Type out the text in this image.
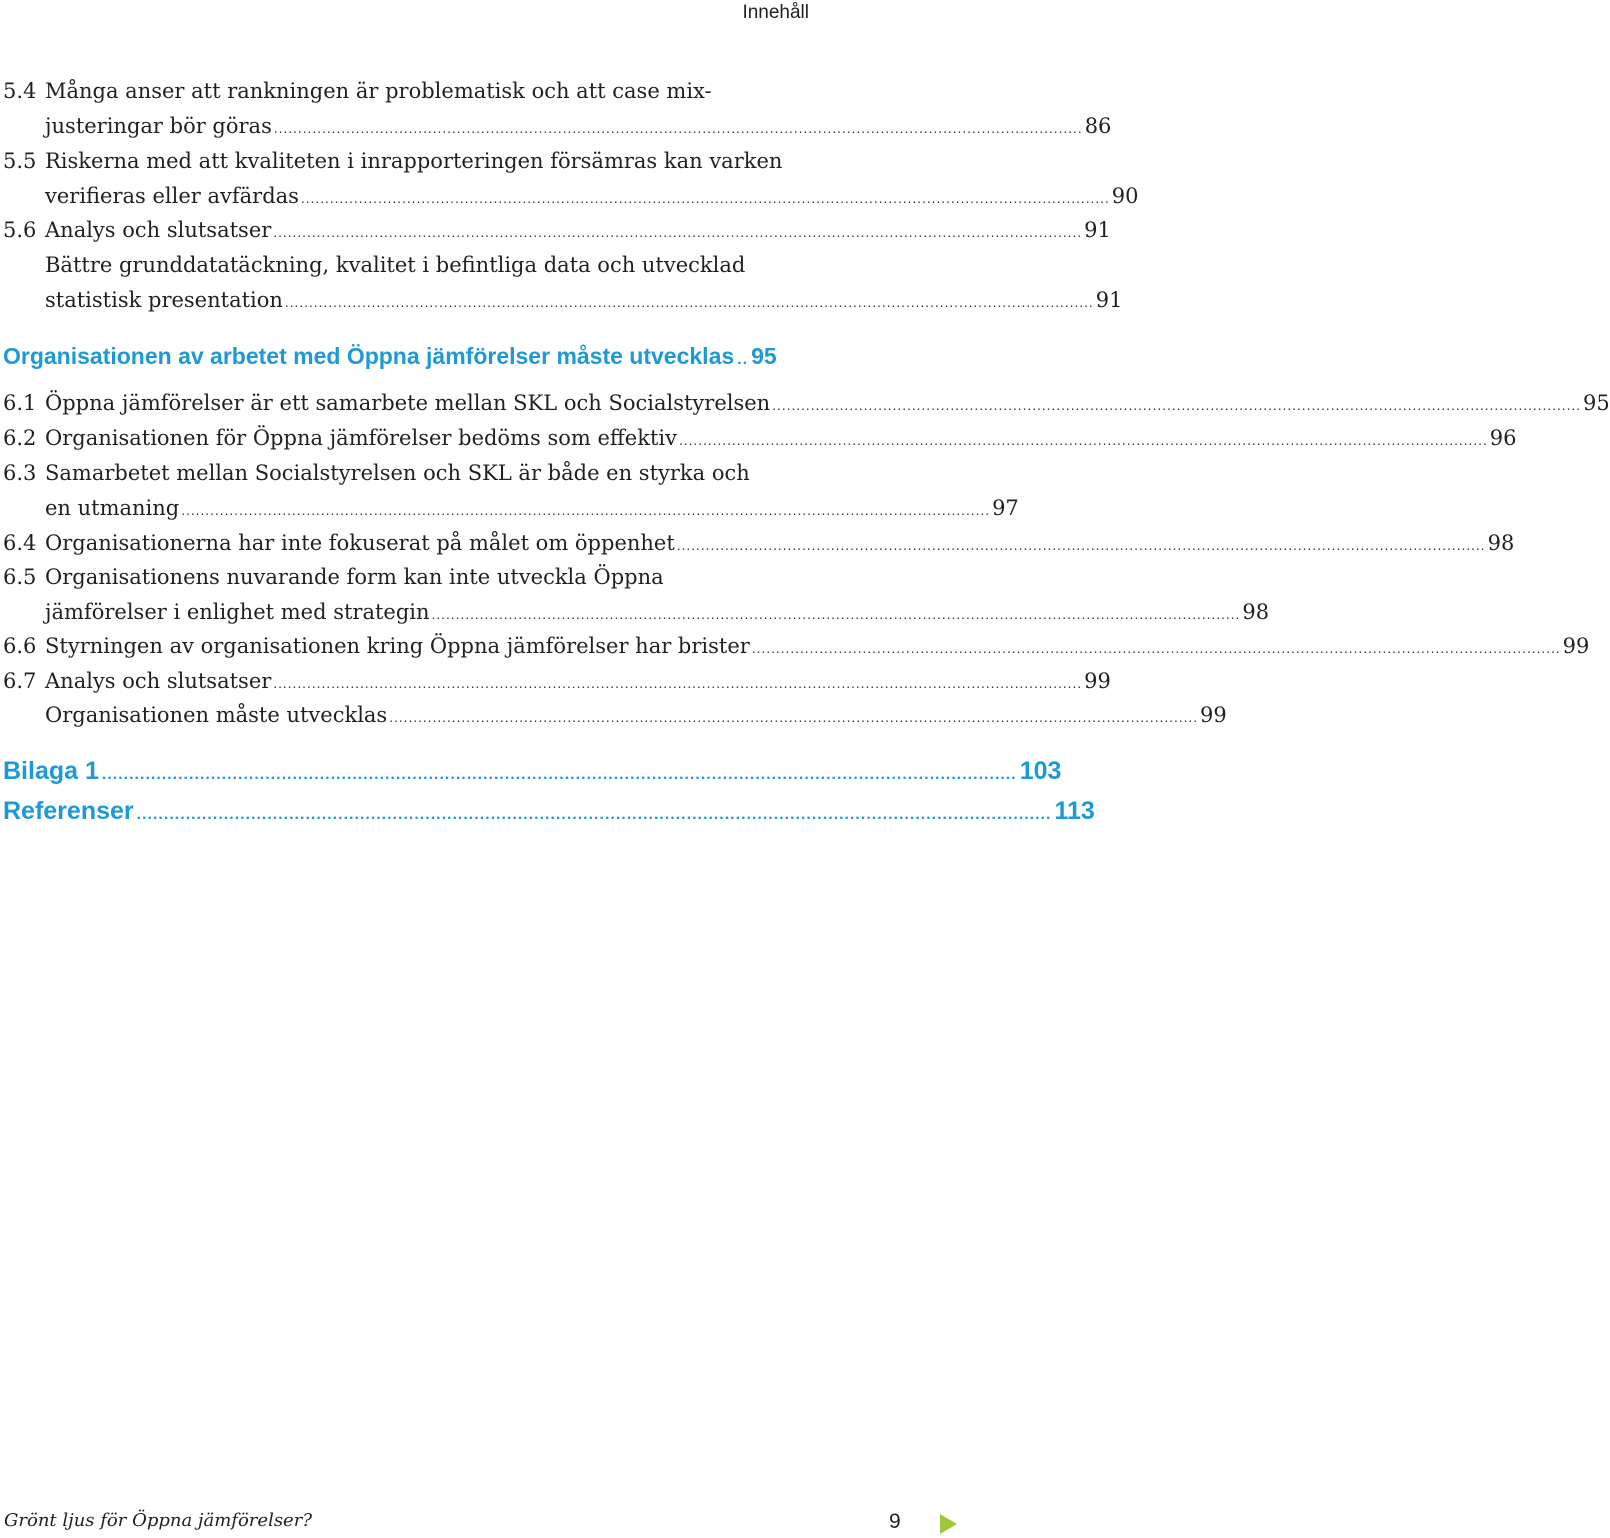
Innehåll
5.4 Många anser att rankningen är problematisk och att case mix-
justeringar bör göras ........................................................................................................................................................................ 86
5.5 Riskerna med att kvaliteten i inrapporteringen försämras kan varken
verifieras eller avfärdas ........................................................................................................................................................................ 90
5.6 Analys och slutsatser ........................................................................................................................................................................ 91
Bättre grunddatatäckning, kvalitet i befintliga data och utvecklad
statistisk presentation ........................................................................................................................................................................ 91
Organisationen av arbetet med Öppna jämförelser måste utvecklas .. 95
6.1 Öppna jämförelser är ett samarbete mellan SKL och Socialstyrelsen ........................................................................................................................................................................ 95
6.2 Organisationen för Öppna jämförelser bedöms som effektiv ........................................................................................................................................................................ 96
6.3 Samarbetet mellan Socialstyrelsen och SKL är både en styrka och
en utmaning ........................................................................................................................................................................ 97
6.4 Organisationerna har inte fokuserat på målet om öppenhet ........................................................................................................................................................................ 98
6.5 Organisationens nuvarande form kan inte utveckla Öppna
jämförelser i enlighet med strategin ........................................................................................................................................................................ 98
6.6 Styrningen av organisationen kring Öppna jämförelser har brister ........................................................................................................................................................................ 99
6.7 Analys och slutsatser ........................................................................................................................................................................ 99
Organisationen måste utvecklas ........................................................................................................................................................................ 99
Bilaga 1 ........................................................................................................................................................................ 103
Referenser ........................................................................................................................................................................ 113
Grönt ljus för Öppna jämförelser?	9
